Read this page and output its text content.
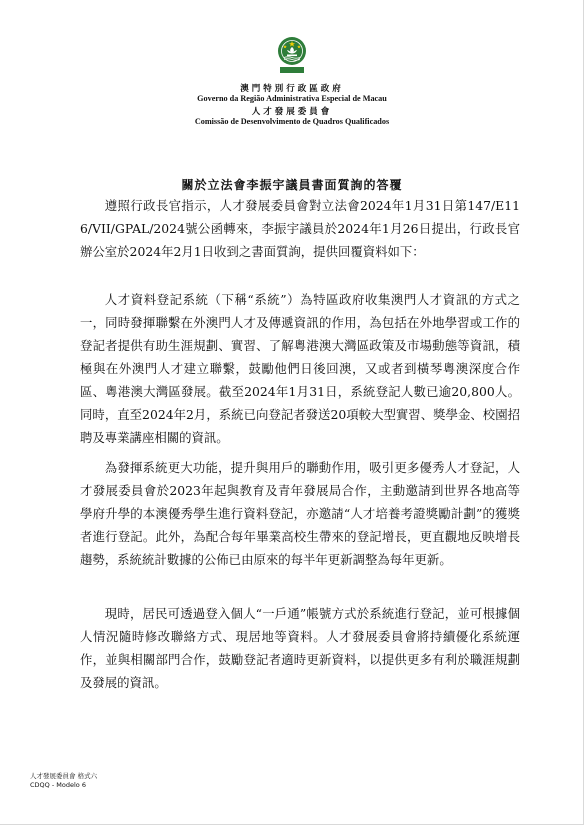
澳門特別行政區政府
Governo da Região Administrativa Especial de Macau
人才發展委員會
Comissão de Desenvolvimento de Quadros Qualificados
關於立法會李振宇議員書面質詢的答覆

遵照行政長官指示，人才發展委員會對立法會2024年1月31日第147/E116/VII/GPAL/2024號公函轉來，李振宇議員於2024年1月26日提出，行政長官辦公室於2024年2月1日收到之書面質詢，提供回覆資料如下：

人才資料登記系統（下稱“系統”）為特區政府收集澳門人才資訊的方式之一，同時發揮聯繫在外澳門人才及傳遞資訊的作用，為包括在外地學習或工作的登記者提供有助生涯規劃、實習、了解粵港澳大灣區政策及市場動態等資訊，積極與在外澳門人才建立聯繫，鼓勵他們日後回澳，又或者到橫琴粵澳深度合作區、粵港澳大灣區發展。截至2024年1月31日，系統登記人數已逾20,800人。同時，直至2024年2月，系統已向登記者發送20項較大型實習、獎學金、校園招聘及專業講座相關的資訊。

為發揮系統更大功能，提升與用戶的聯動作用，吸引更多優秀人才登記，人才發展委員會於2023年起與教育及青年發展局合作，主動邀請到世界各地高等學府升學的本澳優秀學生進行資料登記，亦邀請“人才培養考證獎勵計劃”的獲獎者進行登記。此外，為配合每年畢業高校生帶來的登記增長，更直觀地反映增長趨勢，系統統計數據的公佈已由原來的每半年更新調整為每年更新。

現時，居民可透過登入個人“一戶通”帳號方式於系統進行登記，並可根據個人情況隨時修改聯絡方式、現居地等資料。人才發展委員會將持續優化系統運作，並與相關部門合作，鼓勵登記者適時更新資料，以提供更多有利於職涯規劃及發展的資訊。

人才發展委員會 格式六
CDQQ - Modelo 6
